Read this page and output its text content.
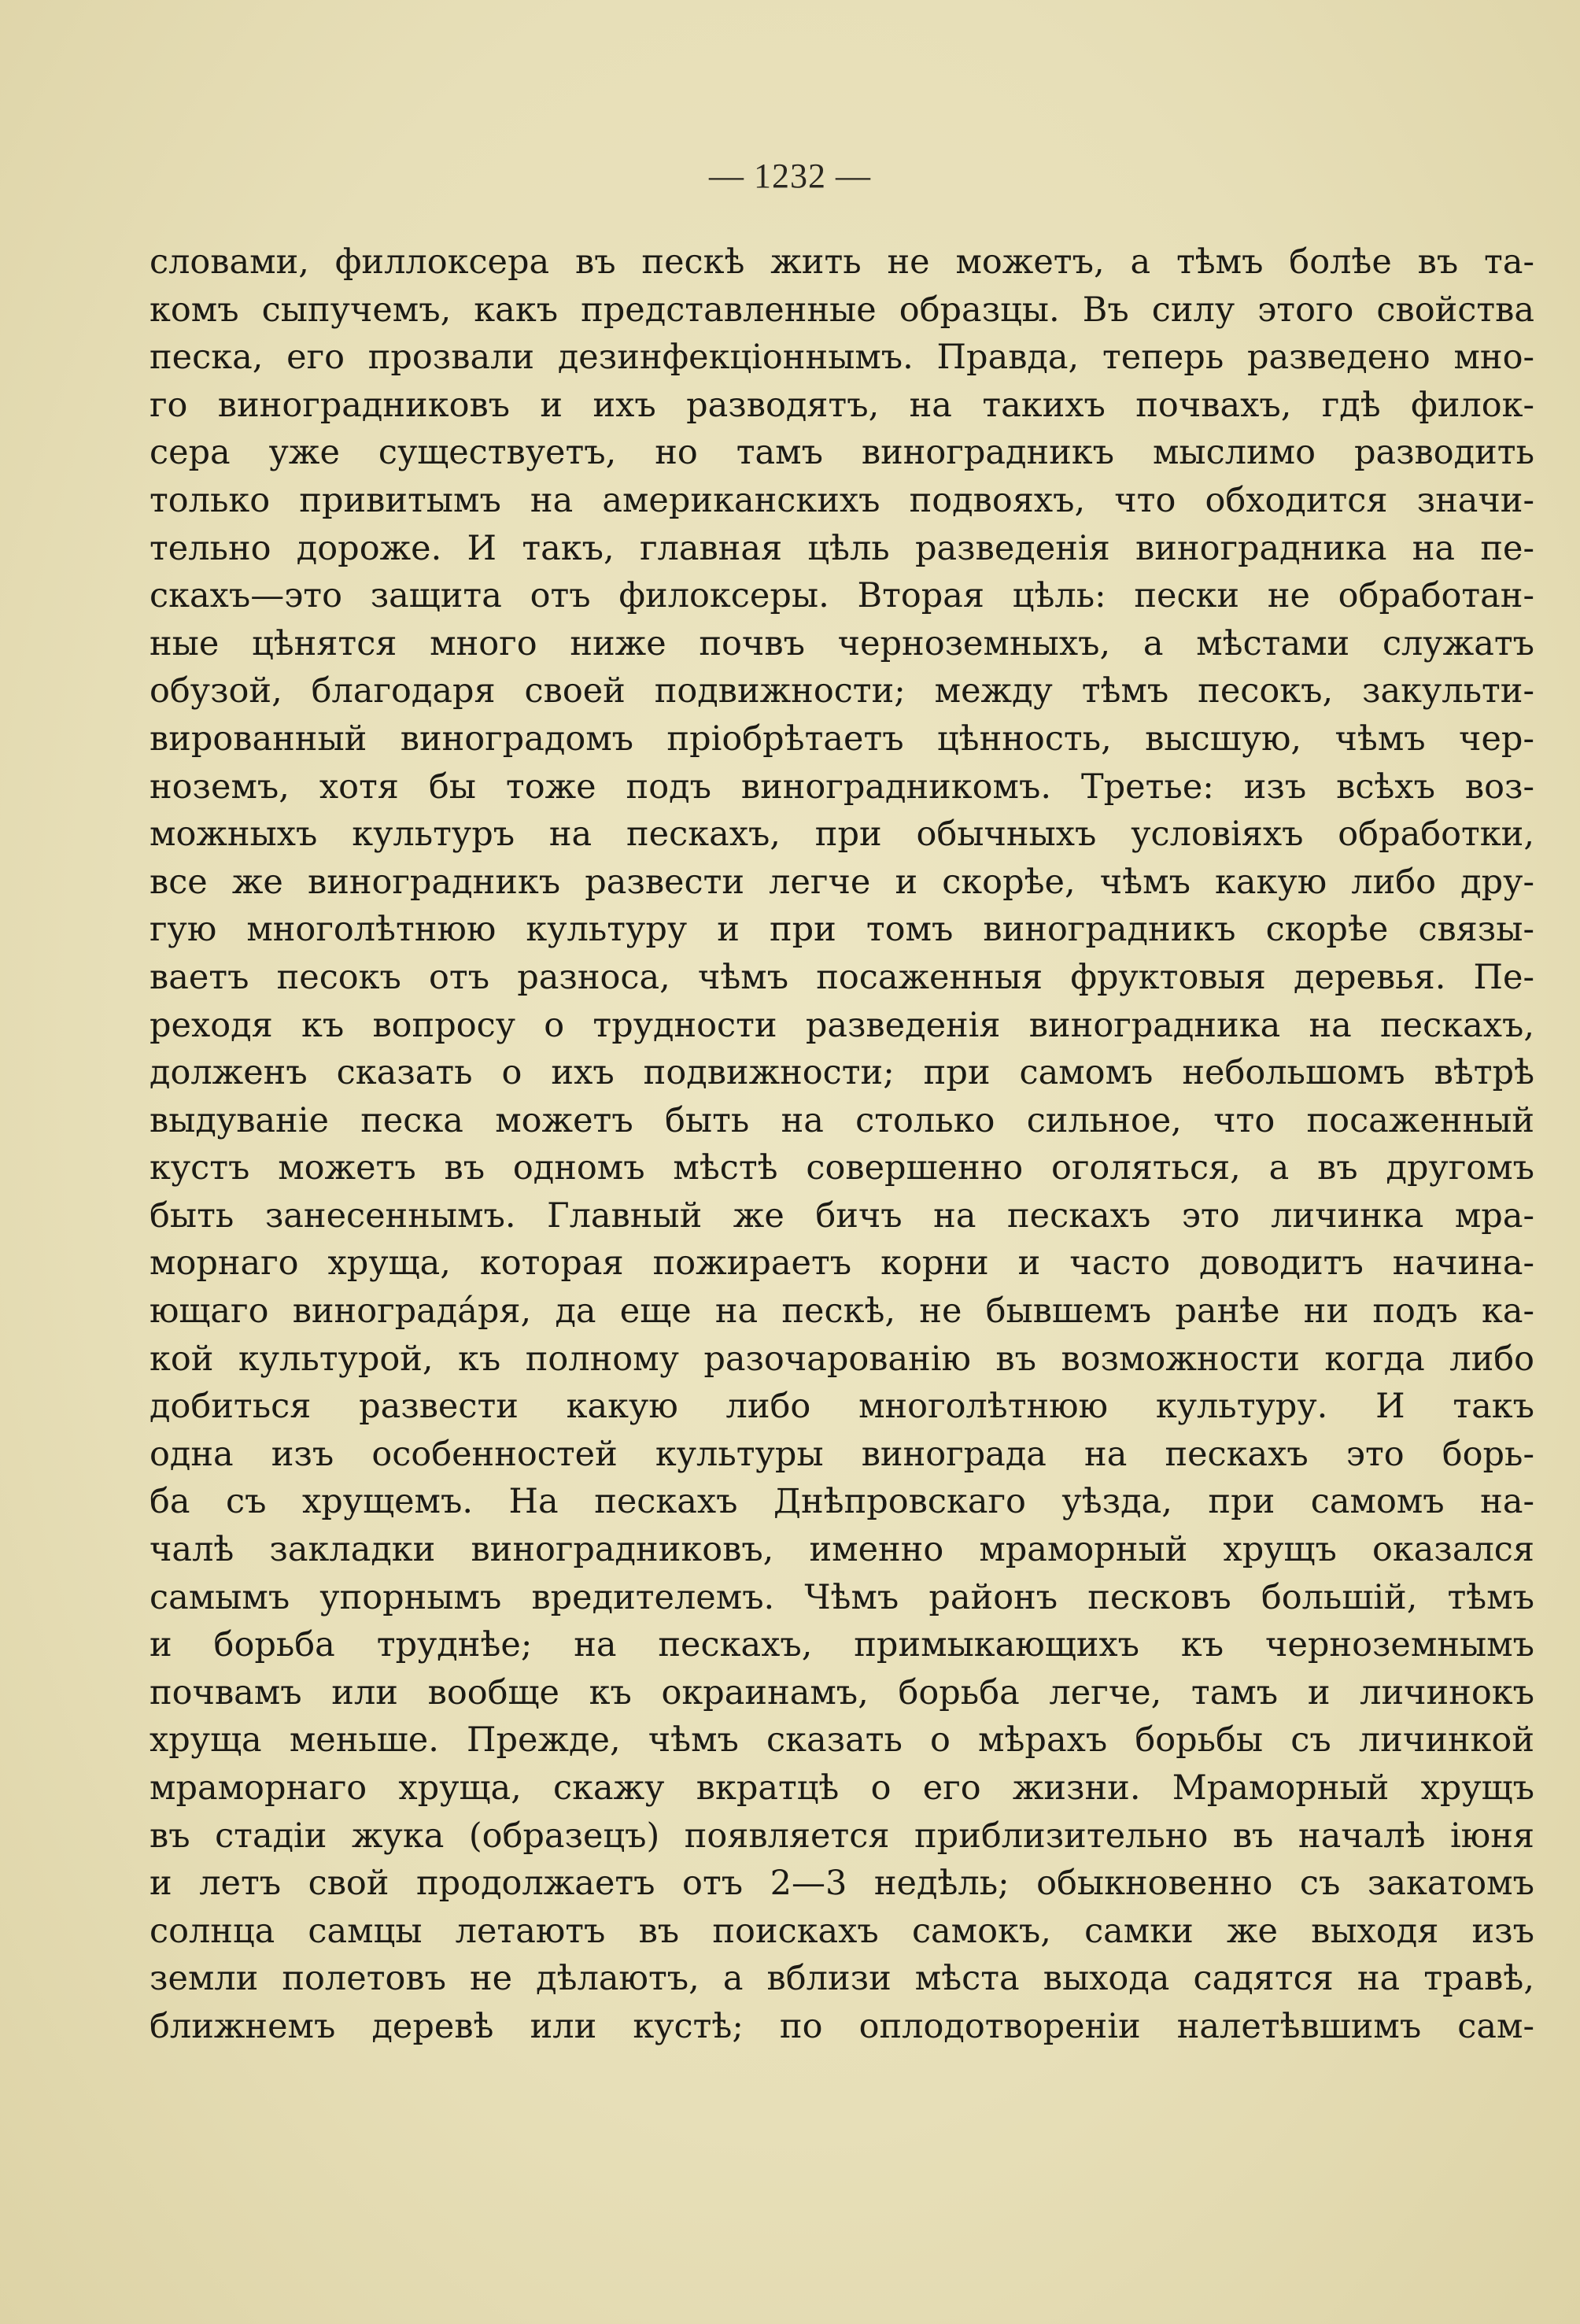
— 1232 —
словами, филлоксера въ пескѣ жить не можетъ, а тѣмъ болѣе въ та-
комъ сыпучемъ, какъ представленные образцы. Въ силу этого свойства
песка, его прозвали дезинфекціоннымъ. Правда, теперь разведено мно-
го виноградниковъ и ихъ разводятъ, на такихъ почвахъ, гдѣ филок-
сера уже существуетъ, но тамъ виноградникъ мыслимо разводить
только привитымъ на американскихъ подвояхъ, что обходится значи-
тельно дороже. И такъ, главная цѣль разведенія виноградника на пе-
скахъ—это защита отъ филоксеры. Вторая цѣль: пески не обработан-
ные цѣнятся много ниже почвъ черноземныхъ, а мѣстами служатъ
обузой, благодаря своей подвижности; между тѣмъ песокъ, закульти-
вированный виноградомъ пріобрѣтаетъ цѣнность, высшую, чѣмъ чер-
ноземъ, хотя бы тоже подъ виноградникомъ. Третье: изъ всѣхъ воз-
можныхъ культуръ на пескахъ, при обычныхъ условіяхъ обработки,
все же виноградникъ развести легче и скорѣе, чѣмъ какую либо дру-
гую многолѣтнюю культуру и при томъ виноградникъ скорѣе связы-
ваетъ песокъ отъ разноса, чѣмъ посаженныя фруктовыя деревья. Пе-
реходя къ вопросу о трудности разведенія виноградника на пескахъ,
долженъ сказать о ихъ подвижности; при самомъ небольшомъ вѣтрѣ
выдуваніе песка можетъ быть на столько сильное, что посаженный
кустъ можетъ въ одномъ мѣстѣ совершенно оголяться, а въ другомъ
быть занесеннымъ. Главный же бичъ на пескахъ это личинка мра-
морнаго хруща, которая пожираетъ корни и часто доводитъ начина-
ющаго винограда́ря, да еще на пескѣ, не бывшемъ ранѣе ни подъ ка-
кой культурой, къ полному разочарованію въ возможности когда либо
добиться развести какую либо многолѣтнюю культуру. И такъ
одна изъ особенностей культуры винограда на пескахъ это борь-
ба съ хрущемъ. На пескахъ Днѣпровскаго уѣзда, при самомъ на-
чалѣ закладки виноградниковъ, именно мраморный хрущъ оказался
самымъ упорнымъ вредителемъ. Чѣмъ районъ песковъ большій, тѣмъ
и борьба труднѣе; на пескахъ, примыкающихъ къ черноземнымъ
почвамъ или вообще къ окраинамъ, борьба легче, тамъ и личинокъ
хруща меньше. Прежде, чѣмъ сказать о мѣрахъ борьбы съ личинкой
мраморнаго хруща, скажу вкратцѣ о его жизни. Мраморный хрущъ
въ стадіи жука (образецъ) появляется приблизительно въ началѣ іюня
и летъ свой продолжаетъ отъ 2—3 недѣль; обыкновенно съ закатомъ
солнца самцы летаютъ въ поискахъ самокъ, самки же выходя изъ
земли полетовъ не дѣлаютъ, а вблизи мѣста выхода садятся на травѣ,
ближнемъ деревѣ или кустѣ; по оплодотвореніи налетѣвшимъ сам-
